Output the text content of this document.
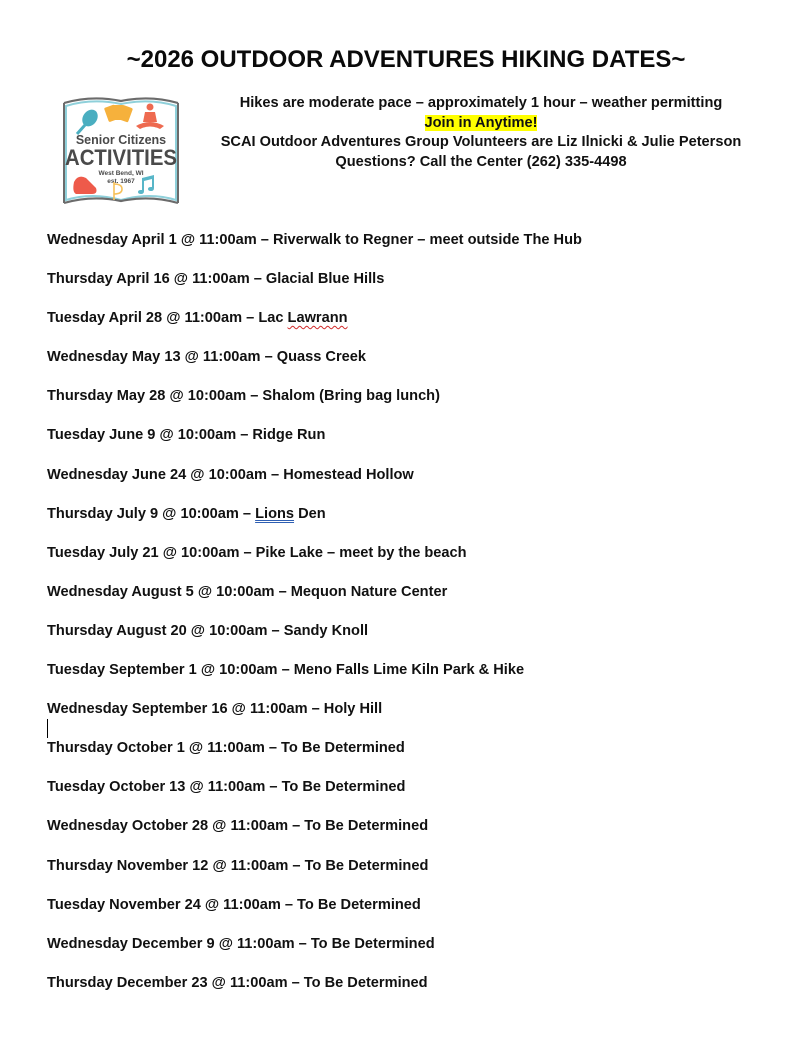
~2026 OUTDOOR ADVENTURES HIKING DATES~
Senior Citizens
ACTIVITIES
West Bend, WI
est. 1967
Hikes are moderate pace – approximately 1 hour – weather permitting
Join in Anytime!
SCAI Outdoor Adventures Group Volunteers are Liz Ilnicki & Julie Peterson
Questions? Call the Center (262) 335-4498
Wednesday April 1 @ 11:00am – Riverwalk to Regner – meet outside The Hub
Thursday April 16 @ 11:00am – Glacial Blue Hills
Tuesday April 28 @ 11:00am – Lac Lawrann
Wednesday May 13 @ 11:00am – Quass Creek
Thursday May 28 @ 10:00am – Shalom (Bring bag lunch)
Tuesday June 9 @ 10:00am – Ridge Run
Wednesday June 24 @ 10:00am – Homestead Hollow
Thursday July 9 @ 10:00am – Lions Den
Tuesday July 21 @ 10:00am – Pike Lake – meet by the beach
Wednesday August 5 @ 10:00am – Mequon Nature Center
Thursday August 20 @ 10:00am – Sandy Knoll
Tuesday September 1 @ 10:00am – Meno Falls Lime Kiln Park & Hike
Wednesday September 16 @ 11:00am – Holy Hill
Thursday October 1 @ 11:00am – To Be Determined
Tuesday October 13 @ 11:00am – To Be Determined
Wednesday October 28 @ 11:00am – To Be Determined
Thursday November 12 @ 11:00am – To Be Determined
Tuesday November 24 @ 11:00am – To Be Determined
Wednesday December 9 @ 11:00am – To Be Determined
Thursday December 23 @ 11:00am – To Be Determined
